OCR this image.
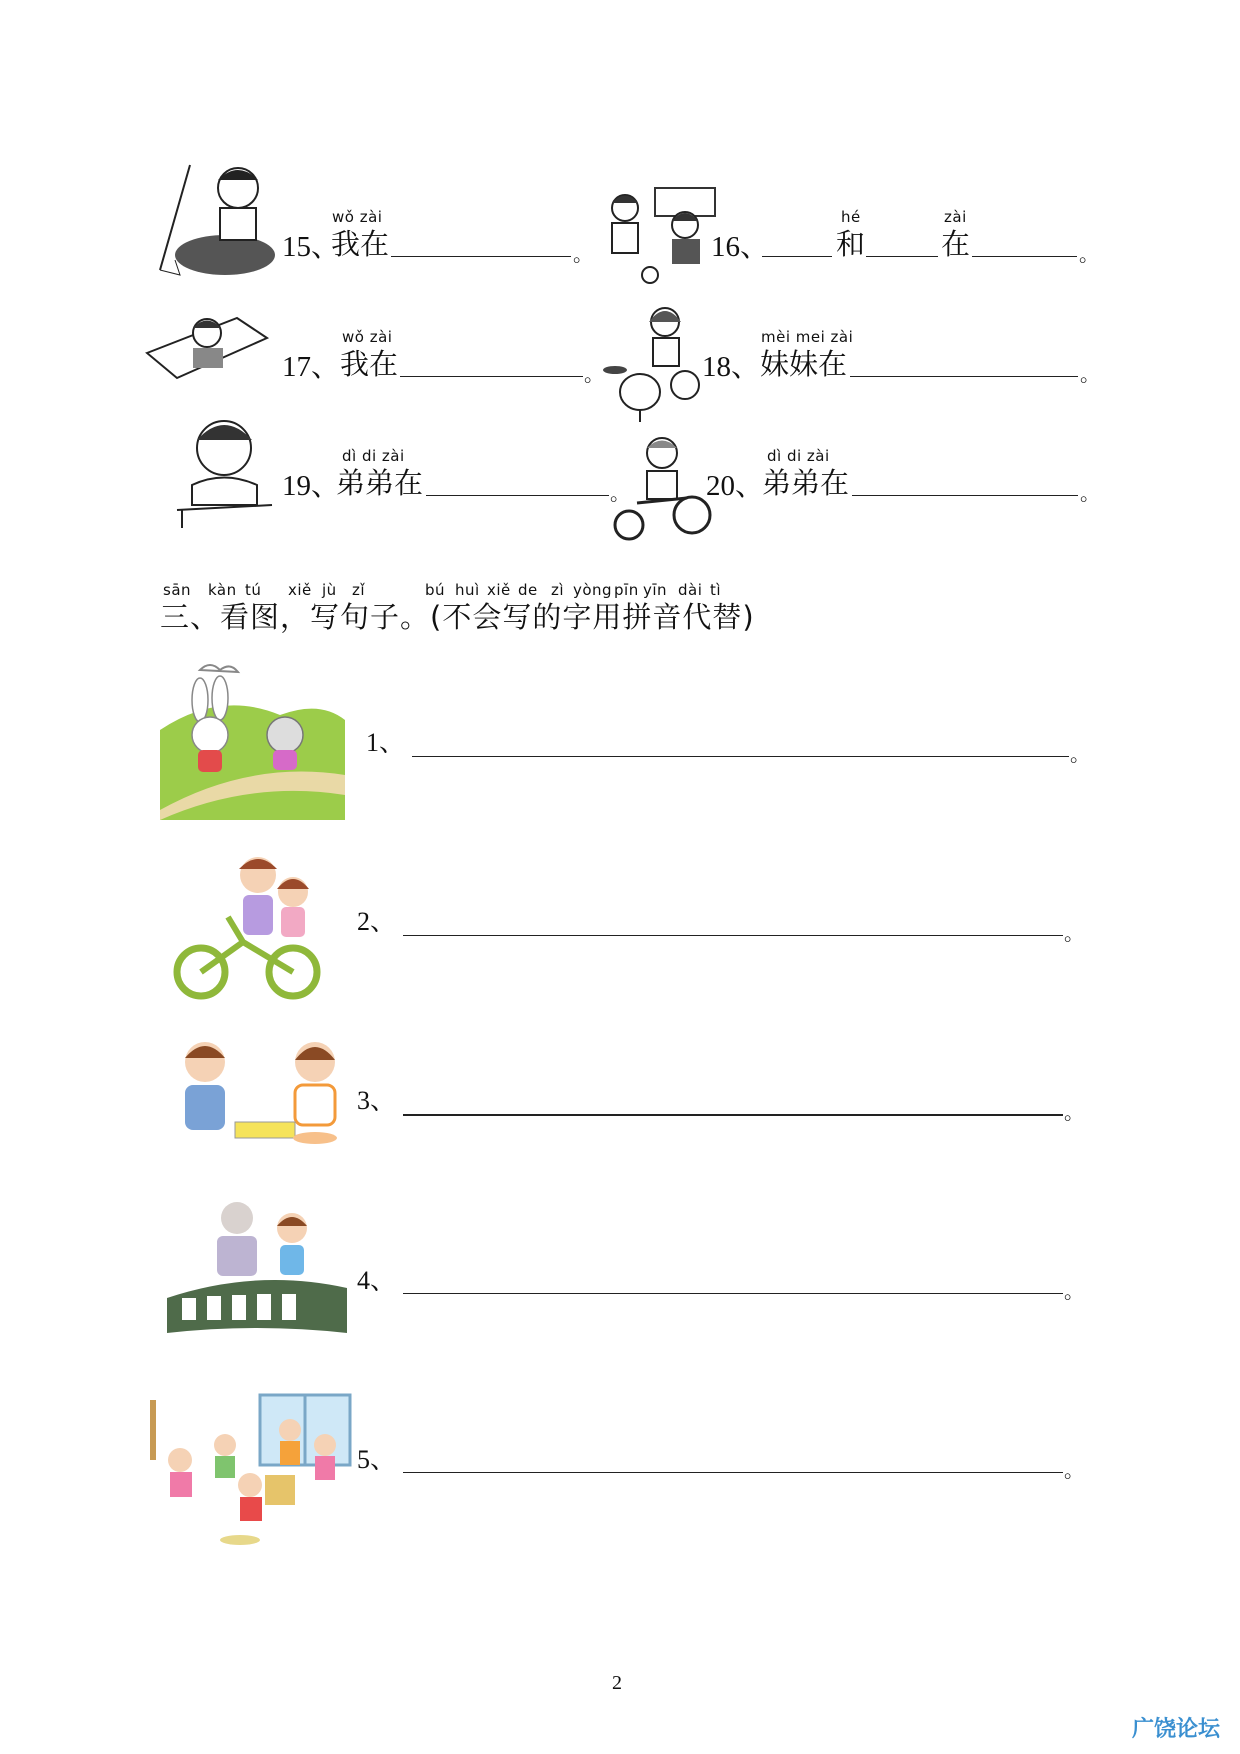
15、
wǒ zài
我在	。	16、
hé
和
zài
在	。
17、
wǒ zài
我在	。	18、
mèi mei zài
妹妹在	。
19、
dì di zài
弟弟在	。	20、
dì di zài
弟弟在	。
sān kàn tú xiě jù zǐ	bú huì xiě de zì yòng pīn yīn dài tì
三、看图，写句子。(不会写的字用拼音代替)
1、	。
2、	。
3、	。
4、	。
5、	。
2
广饶论坛
